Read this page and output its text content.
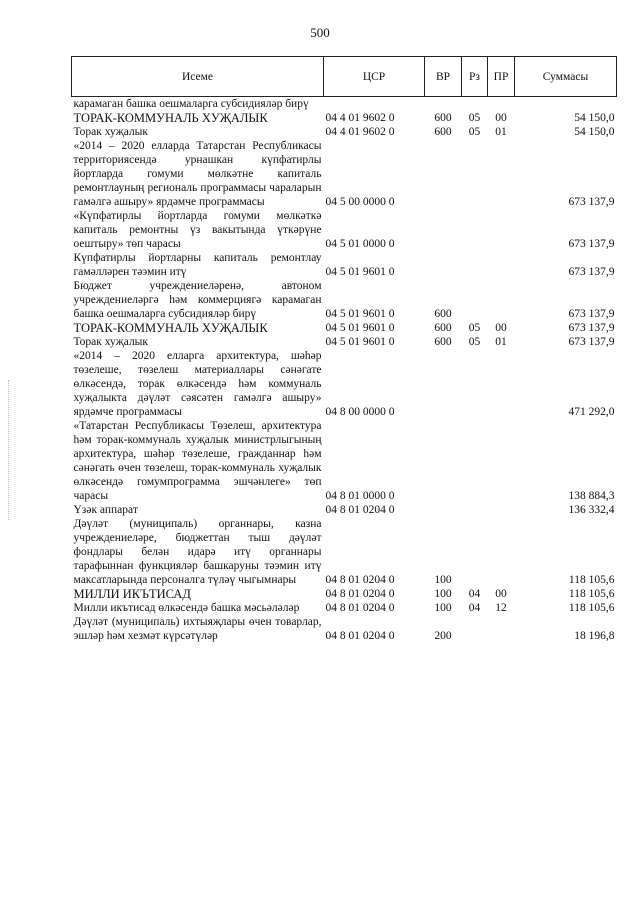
500
Исеме	ЦСР	ВР	Рз	ПР	Суммасы
карамаган башка оешмаларга субсидияләр бирү					
ТОРАК-КОММУНАЛЬ ХУҖАЛЫК	04 4 01 9602 0	600	05	00	54 150,0
Торак хуҗалык	04 4 01 9602 0	600	05	01	54 150,0
«2014 – 2020 елларда Татарстан Республикасы территориясендә урнашкан күпфатирлы йортларда гомуми мөлкәтне капиталь ремонтлауның региональ программасы чараларын гамәлгә ашыру» ярдәмче программасы	04 5 00 0000 0				673 137,9
«Күпфатирлы йортларда гомуми мөлкәткә капиталь ремонтны үз вакытында үткәрүне оештыру» төп чарасы	04 5 01 0000 0				673 137,9
Күпфатирлы йортларны капиталь ремонтлау гамәлләрен тәэмин итү	04 5 01 9601 0				673 137,9
Бюджет учреждениеләренә, автоном учреждениеләргә һәм коммерциягә карамаган башка оешмаларга субсидияләр бирү	04 5 01 9601 0	600			673 137,9
ТОРАК-КОММУНАЛЬ ХУҖАЛЫК	04 5 01 9601 0	600	05	00	673 137,9
Торак хуҗалык	04 5 01 9601 0	600	05	01	673 137,9
«2014 – 2020 елларга архитектура, шәһәр төзелеше, төзелеш материаллары сәнәгате өлкәсендә, торак өлкәсендә һәм коммуналь хуҗалыкта дәүләт сәясәтен гамәлгә ашыру» ярдәмче программасы	04 8 00 0000 0				471 292,0
«Татарстан Республикасы Төзелеш, архитектура һәм торак-коммуналь хуҗалык министрлыгының архитектура, шәһәр төзелеше, гражданнар һәм сәнәгать өчен төзелеш, торак-коммуналь хуҗалык өлкәсендә гомумпрограмма эшчәнлеге» төп чарасы	04 8 01 0000 0				138 884,3
Үзәк аппарат	04 8 01 0204 0				136 332,4
Дәүләт (муниципаль) органнары, казна учреждениеләре, бюджеттан тыш дәүләт фондлары белән идарә итү органнары тарафыннан функцияләр башкаруны тәэмин итү максатларында персоналга түләү чыгымнары	04 8 01 0204 0	100			118 105,6
МИЛЛИ ИКЪТИСАД	04 8 01 0204 0	100	04	00	118 105,6
Милли икътисад өлкәсендә башка мәсьәләләр	04 8 01 0204 0	100	04	12	118 105,6
Дәүләт (муниципаль) ихтыяҗлары өчен товарлар, эшләр һәм хезмәт күрсәтүләр	04 8 01 0204 0	200			18 196,8
